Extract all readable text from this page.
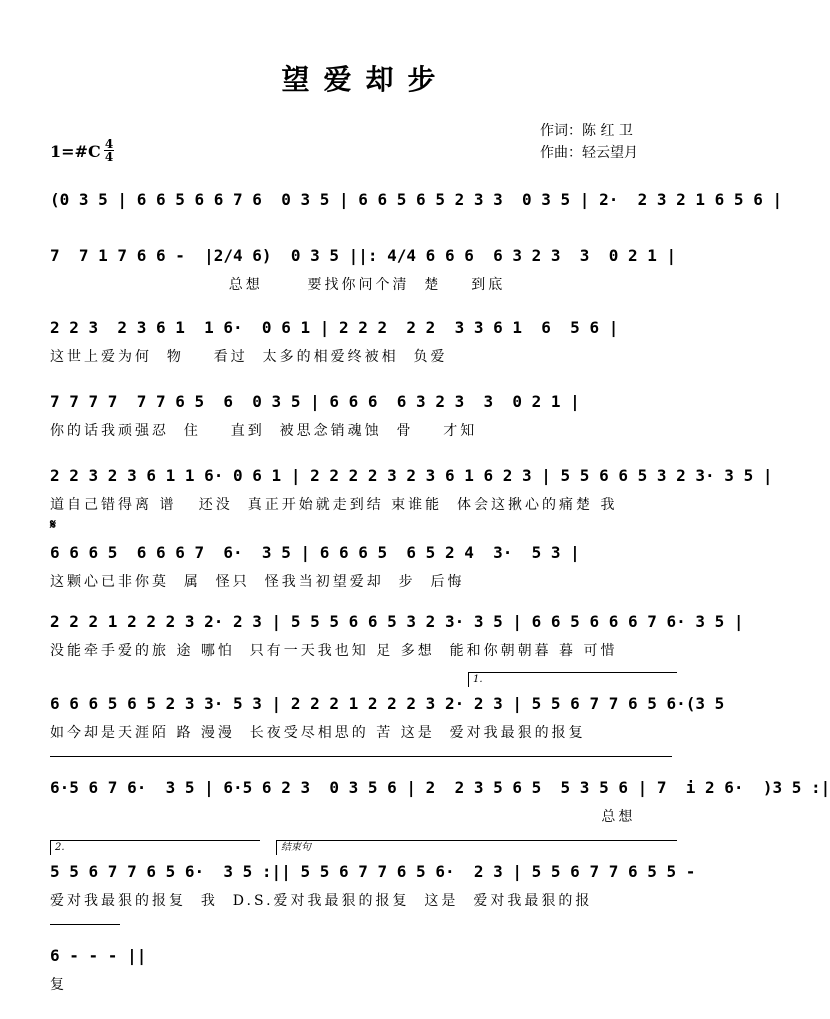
望爱却步
作词：陈 红 卫
作曲：轻云望月
1=#C 4
4
(0 3 5 | 6 6 5 6 6 7 6  0 3 5 | 6 6 5 6 5 2 3 3  0 3 5 | 2·  2 3 2 1 6 5 6 |
7  7 1 7 6 6 -  |2/4 6)  0 3 5 ||: 4/4 6 6 6  6 3 2 3  3  0 2 1 |
总想      要找你问个清  楚    到底
2 2 3  2 3 6 1  1 6·  0 6 1 | 2 2 2  2 2  3 3 6 1  6  5 6 |
这世上爱为何  物    看过  太多的相爱终被相  负爱
7 7 7 7  7 7 6 5  6  0 3 5 | 6 6 6  6 3 2 3  3  0 2 1 |
你的话我顽强忍  住    直到  被思念销魂蚀  骨    才知
2 2 3 2 3 6 1 1 6· 0 6 1 | 2 2 2 2 3 2 3 6 1 6 2 3 | 5 5 6 6 5 3 2 3· 3 5 |
道自己错得离 谱   还没  真正开始就走到结 束谁能  体会这揪心的痛楚 我
𝄋
6 6 6 5  6 6 6 7  6·  3 5 | 6 6 6 5  6 5 2 4  3·  5 3 |
这颗心已非你莫  属  怪只  怪我当初望爱却  步  后悔
2 2 2 1 2 2 2 3 2· 2 3 | 5 5 5 6 6 5 3 2 3· 3 5 | 6 6 5 6 6 6 7 6· 3 5 |
没能牵手爱的旅 途 哪怕  只有一天我也知 足 多想  能和你朝朝暮 暮 可惜
1.
6 6 6 5 6 5 2 3 3· 5 3 | 2 2 2 1 2 2 2 3 2· 2 3 | 5 5 6 7 7 6 5 6·(3 5
如今却是天涯陌 路 漫漫  长夜受尽相思的 苦 这是  爱对我最狠的报复
6·5 6 7 6·  3 5 | 6·5 6 2 3  0 3 5 6 | 2  2 3 5 6 5  5 3 5 6 | 7  i 2 6·  )3 5 :|
总想
2.	结束句
5 5 6 7 7 6 5 6·  3 5 :|| 5 5 6 7 7 6 5 6·  2 3 | 5 5 6 7 7 6 5 5 -
爱对我最狠的报复  我  D.S.爱对我最狠的报复  这是  爱对我最狠的报
6 - - - ||
复
